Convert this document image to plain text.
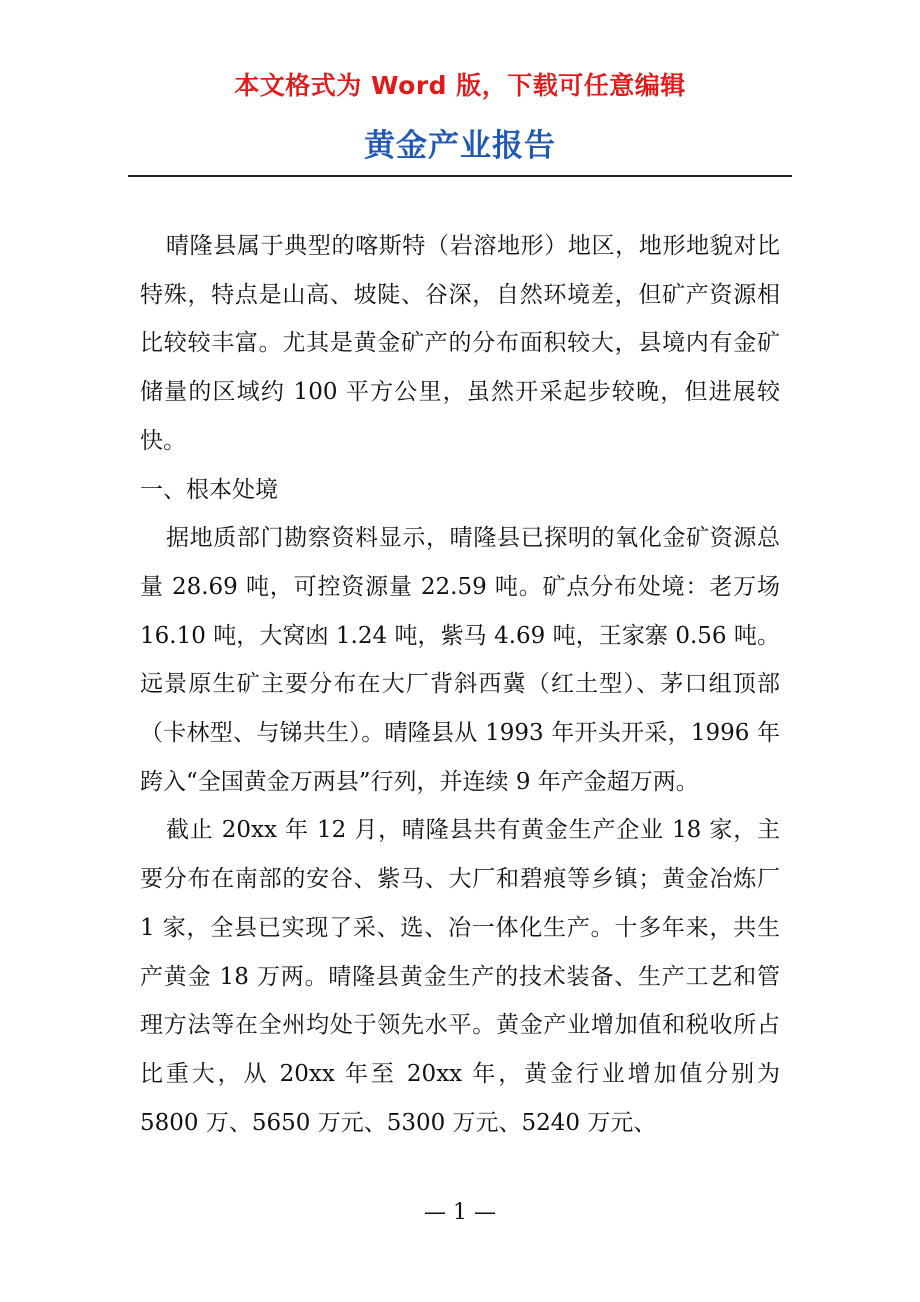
本文格式为 Word 版，下载可任意编辑
黄金产业报告

晴隆县属于典型的喀斯特（岩溶地形）地区，地形地貌对比特殊，特点是山高、坡陡、谷深，自然环境差，但矿产资源相比较较丰富。尤其是黄金矿产的分布面积较大，县境内有金矿储量的区域约 100 平方公里，虽然开采起步较晚，但进展较快。

一、根本处境

据地质部门勘察资料显示，晴隆县已探明的氧化金矿资源总量 28.69 吨，可控资源量 22.59 吨。矿点分布处境：老万场 16.10 吨，大窝凼 1.24 吨，紫马 4.69 吨，王家寨 0.56 吨。远景原生矿主要分布在大厂背斜西冀（红土型）、茅口组顶部（卡林型、与锑共生）。晴隆县从 1993 年开头开采，1996 年跨入“全国黄金万两县”行列，并连续 9 年产金超万两。

截止 20xx 年 12 月，晴隆县共有黄金生产企业 18 家，主要分布在南部的安谷、紫马、大厂和碧痕等乡镇；黄金冶炼厂 1 家，全县已实现了采、选、冶一体化生产。十多年来，共生产黄金 18 万两。晴隆县黄金生产的技术装备、生产工艺和管理方法等在全州均处于领先水平。黄金产业增加值和税收所占比重大，从 20xx 年至 20xx 年，黄金行业增加值分别为 5800 万、5650 万元、5300 万元、5240 万元、

— 1 —
